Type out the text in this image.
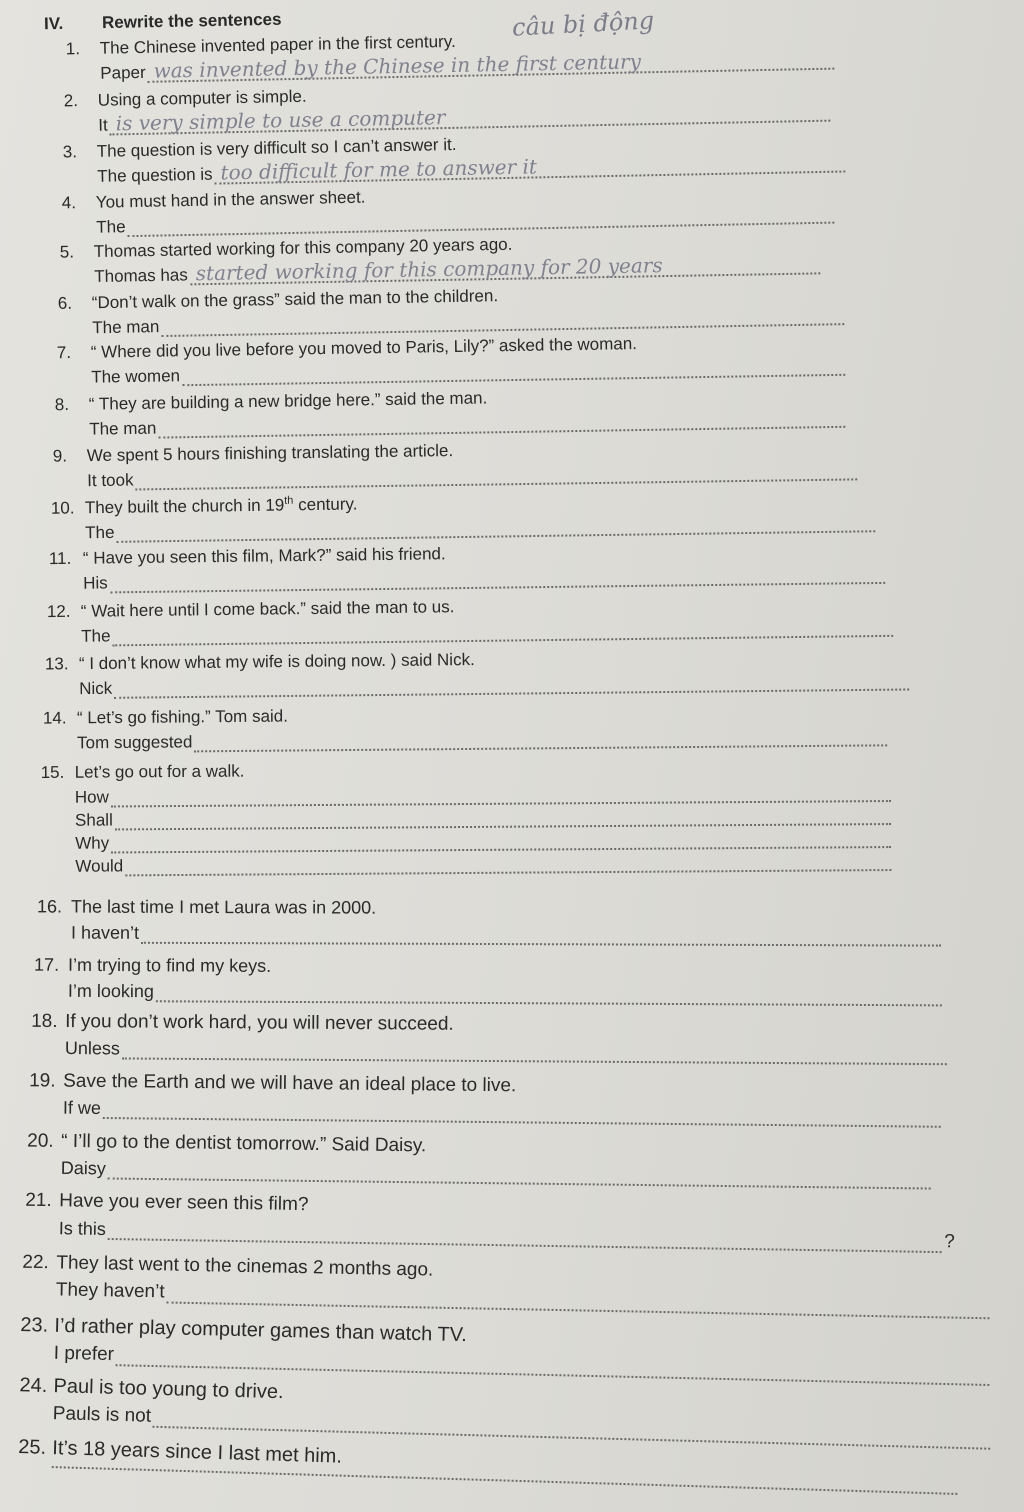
IV. Rewrite the sentences	câu bị động
1. The Chinese invented paper in the first century.
Paper was invented by the Chinese in the first century
2. Using a computer is simple.
It is very simple to use a computer
3. The question is very difficult so I can’t answer it.
The question is too difficult for me to answer it
4. You must hand in the answer sheet.
The
5. Thomas started working for this company 20 years ago.
Thomas has started working for this company for 20 years
6. “Don’t walk on the grass” said the man to the children.
The man
7. “ Where did you live before you moved to Paris, Lily?” asked the woman.
The women
8. “ They are building a new bridge here.” said the man.
The man
9. We spent 5 hours finishing translating the article.
It took
10. They built the church in 19th century.
The
11. “ Have you seen this film, Mark?” said his friend.
His
12. “ Wait here until I come back.” said the man to us.
The
13. “ I don’t know what my wife is doing now. ) said Nick.
Nick
14. “ Let’s go fishing.” Tom said.
Tom suggested
15. Let’s go out for a walk.
How
Shall
Why
Would
16. The last time I met Laura was in 2000.
I haven’t
17. I’m trying to find my keys.
I’m looking
18. If you don’t work hard, you will never succeed.
Unless
19. Save the Earth and we will have an ideal place to live.
If we
20. “ I’ll go to the dentist tomorrow.” Said Daisy.
Daisy
21. Have you ever seen this film?
Is this
?
22. They last went to the cinemas 2 months ago.
They haven’t
23. I’d rather play computer games than watch TV.
I prefer
24. Paul is too young to drive.
Pauls is not
25. It’s 18 years since I last met him.
